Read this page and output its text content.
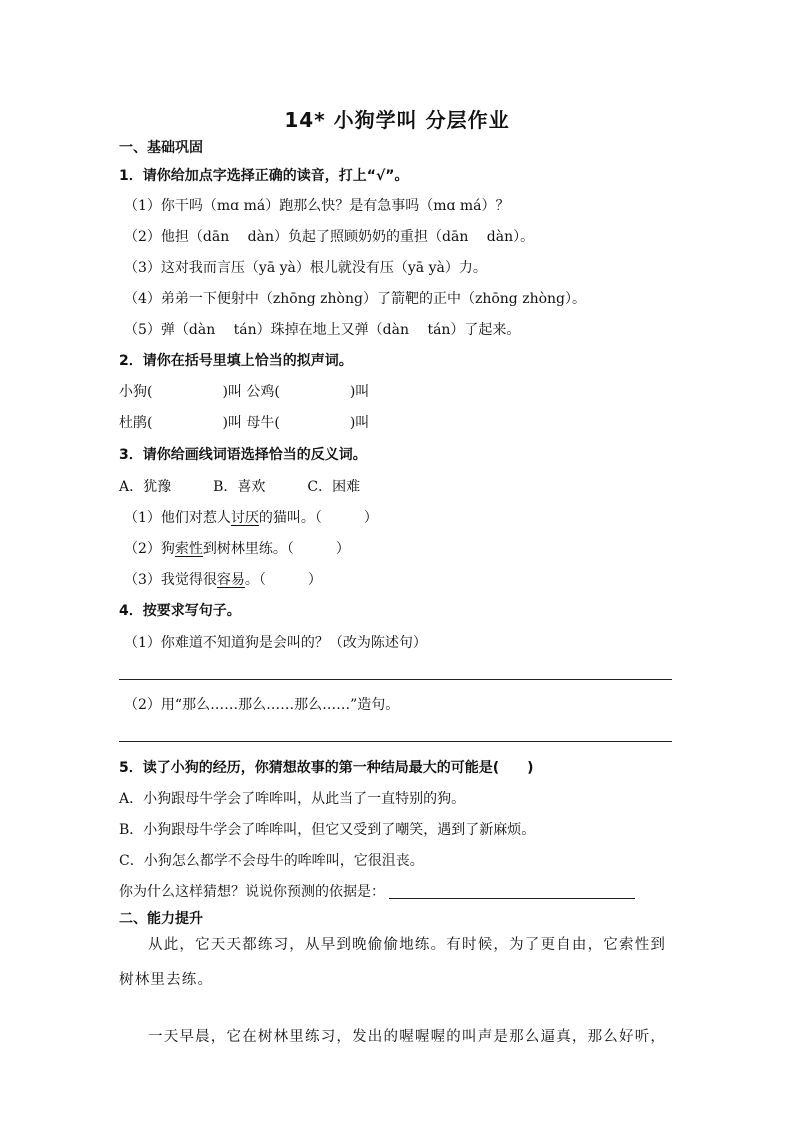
14* 小狗学叫 分层作业
一、基础巩固
1．请你给加点字选择正确的读音，打上“√”。
（1）你干吗（mɑ má）跑那么快？是有急事吗（mɑ má）？
（2）他担（dān　 dàn）负起了照顾奶奶的重担（dān　 dàn）。
（3）这对我而言压（yā yà）根儿就没有压（yā yà）力。
（4）弟弟一下便射中（zhōng zhòng）了箭靶的正中（zhōng zhòng）。
（5）弹（dàn　 tán）珠掉在地上又弹（dàn　 tán）了起来。
2．请你在括号里填上恰当的拟声词。
小狗(　　　　　)叫 公鸡(　　　　　)叫
杜鹃(　　　　　)叫 母牛(　　　　　)叫
3．请你给画线词语选择恰当的反义词。
A．犹豫　　　B．喜欢　　　C．困难
（1）他们对惹人讨厌的猫叫。（　　　）
（2）狗索性到树林里练。（　　　）
（3）我觉得很容易。（　　　）
4．按要求写句子。
（1）你难道不知道狗是会叫的？（改为陈述句）
（2）用“那么……那么……那么……”造句。
5．读了小狗的经历，你猜想故事的第一种结局最大的可能是(　　)
A．小狗跟母牛学会了哞哞叫，从此当了一直特别的狗。
B．小狗跟母牛学会了哞哞叫，但它又受到了嘲笑，遇到了新麻烦。
C．小狗怎么都学不会母牛的哞哞叫，它很沮丧。
你为什么这样猜想？说说你预测的依据是：
二、能力提升
从此，它天天都练习，从早到晚偷偷地练。有时候，为了更自由，它索性到树林里去练。
一天早晨，它在树林里练习，发出的喔喔喔的叫声是那么逼真，那么好听，
